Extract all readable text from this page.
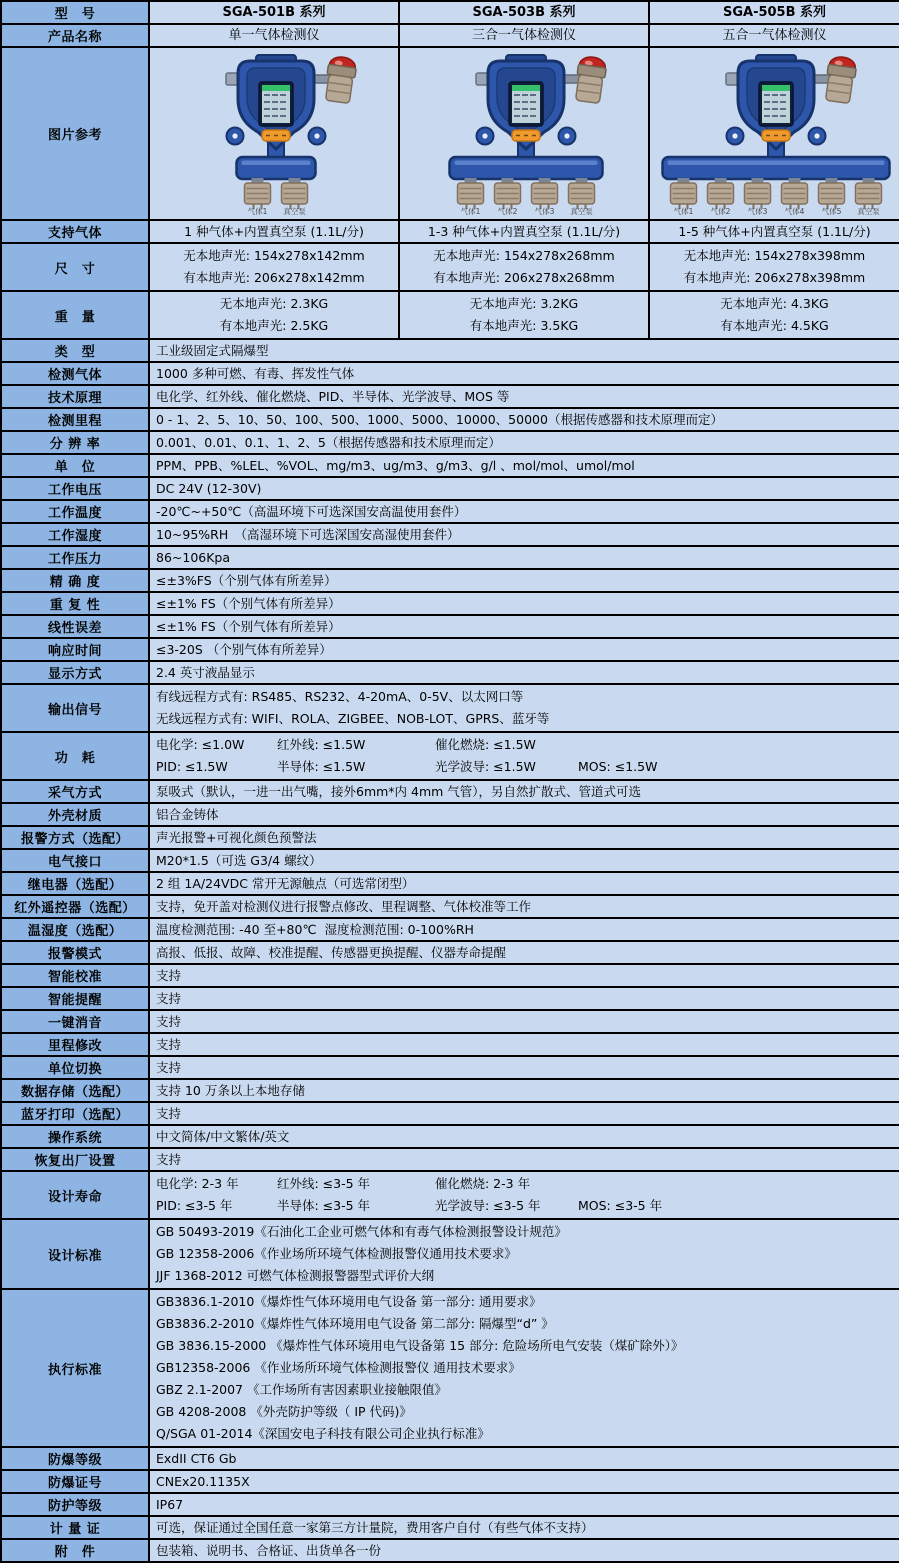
型　号	SGA-501B 系列	SGA-503B 系列	SGA-505B 系列

产品名称	单一气体检测仪	三合一气体检测仪	五合一气体检测仪

图片参考	
气体1 真空泵	气体1 气体2 气体3 真空泵	气体1 气体2 气体3 气体4 气体5 真空泵

支持气体	1 种气体+内置真空泵 (1.1L/分)	1-3 种气体+内置真空泵 (1.1L/分)	1-5 种气体+内置真空泵 (1.1L/分)

尺　寸	
无本地声光: 154x278x142mm
有本地声光: 206x278x142mm

无本地声光: 154x278x268mm
有本地声光: 206x278x268mm

无本地声光: 154x278x398mm
有本地声光: 206x278x398mm

重　量	
无本地声光: 2.3KG
有本地声光: 2.5KG

无本地声光: 3.2KG
有本地声光: 3.5KG

无本地声光: 4.3KG
有本地声光: 4.5KG

类　型	工业级固定式隔爆型		

检测气体	1000 多种可燃、有毒、挥发性气体		

技术原理	电化学、红外线、催化燃烧、PID、半导体、光学波导、MOS 等		

检测里程	0 - 1、2、5、10、50、100、500、1000、5000、10000、50000（根据传感器和技术原理而定）		

分 辨 率	0.001、0.01、0.1、1、2、5（根据传感器和技术原理而定）		

单　位	PPM、PPB、%LEL、%VOL、mg/m3、ug/m3、g/m3、g/l 、mol/mol、umol/mol		

工作电压	DC 24V (12-30V)		

工作温度	-20℃~+50℃（高温环境下可选深国安高温使用套件）		

工作湿度	10~95%RH　（高湿环境下可选深国安高湿使用套件）		

工作压力	86~106Kpa		

精 确 度	≤±3%FS（个别气体有所差异）		

重 复 性	≤±1% FS（个别气体有所差异）		

线性误差	≤±1% FS（个别气体有所差异）		

响应时间	≤3-20S （个别气体有所差异）		

显示方式	2.4 英寸液晶显示		

输出信号	有线远程方式有: RS485、RS232、4-20mA、0-5V、以太网口等
无线远程方式有: WIFI、ROLA、ZIGBEE、NOB-LOT、GPRS、蓝牙等		

功　耗	电化学: ≤1.0W 红外线: ≤1.5W 催化燃烧: ≤1.5W
PID: ≤1.5W 半导体: ≤1.5W 光学波导: ≤1.5W MOS: ≤1.5W		

采气方式	泵吸式（默认，一进一出气嘴，接外6mm*内 4mm 气管），另自然扩散式、管道式可选		

外壳材质	铝合金铸体		

报警方式（选配）	声光报警+可视化颜色预警法		

电气接口	M20*1.5（可选 G3/4 螺纹）		

继电器（选配）	2 组 1A/24VDC 常开无源触点（可选常闭型）		

红外遥控器（选配）	支持，免开盖对检测仪进行报警点修改、里程调整、气体校准等工作		

温湿度（选配）	温度检测范围: -40 至+80℃  湿度检测范围: 0-100%RH		

报警模式	高报、低报、故障、校准提醒、传感器更换提醒、仪器寿命提醒		

智能校准	支持		

智能提醒	支持		

一键消音	支持		

里程修改	支持		

单位切换	支持		

数据存储（选配）	支持 10 万条以上本地存储		

蓝牙打印（选配）	支持		

操作系统	中文简体/中文繁体/英文		

恢复出厂设置	支持		

设计寿命	电化学: 2-3 年 红外线: ≤3-5 年 催化燃烧: 2-3 年
PID: ≤3-5 年 半导体: ≤3-5 年 光学波导: ≤3-5 年 MOS: ≤3-5 年		

设计标准	GB 50493-2019《石油化工企业可燃气体和有毒气体检测报警设计规范》
GB 12358-2006《作业场所环境气体检测报警仪通用技术要求》
JJF 1368-2012 可燃气体检测报警器型式评价大纲		

执行标准	
GB3836.1-2010《爆炸性气体环境用电气设备 第一部分: 通用要求》
GB3836.2-2010《爆炸性气体环境用电气设备 第二部分: 隔爆型“d” 》
GB 3836.15-2000 《爆炸性气体环境用电气设备第 15 部分: 危险场所电气安装（煤矿除外）》
GB12358-2006 《作业场所环境气体检测报警仪 通用技术要求》
GBZ 2.1-2007 《工作场所有害因素职业接触限值》
GB 4208-2008 《外壳防护等级（ IP 代码)》
Q/SGA 01-2014《深国安电子科技有限公司企业执行标准》

防爆等级	ExdII CT6 Gb		

防爆证号	CNEx20.1135X		

防护等级	IP67		

计 量 证	可选，保证通过全国任意一家第三方计量院，费用客户自付（有些气体不支持）		

附　件	包装箱、说明书、合格证、出货单各一份		
